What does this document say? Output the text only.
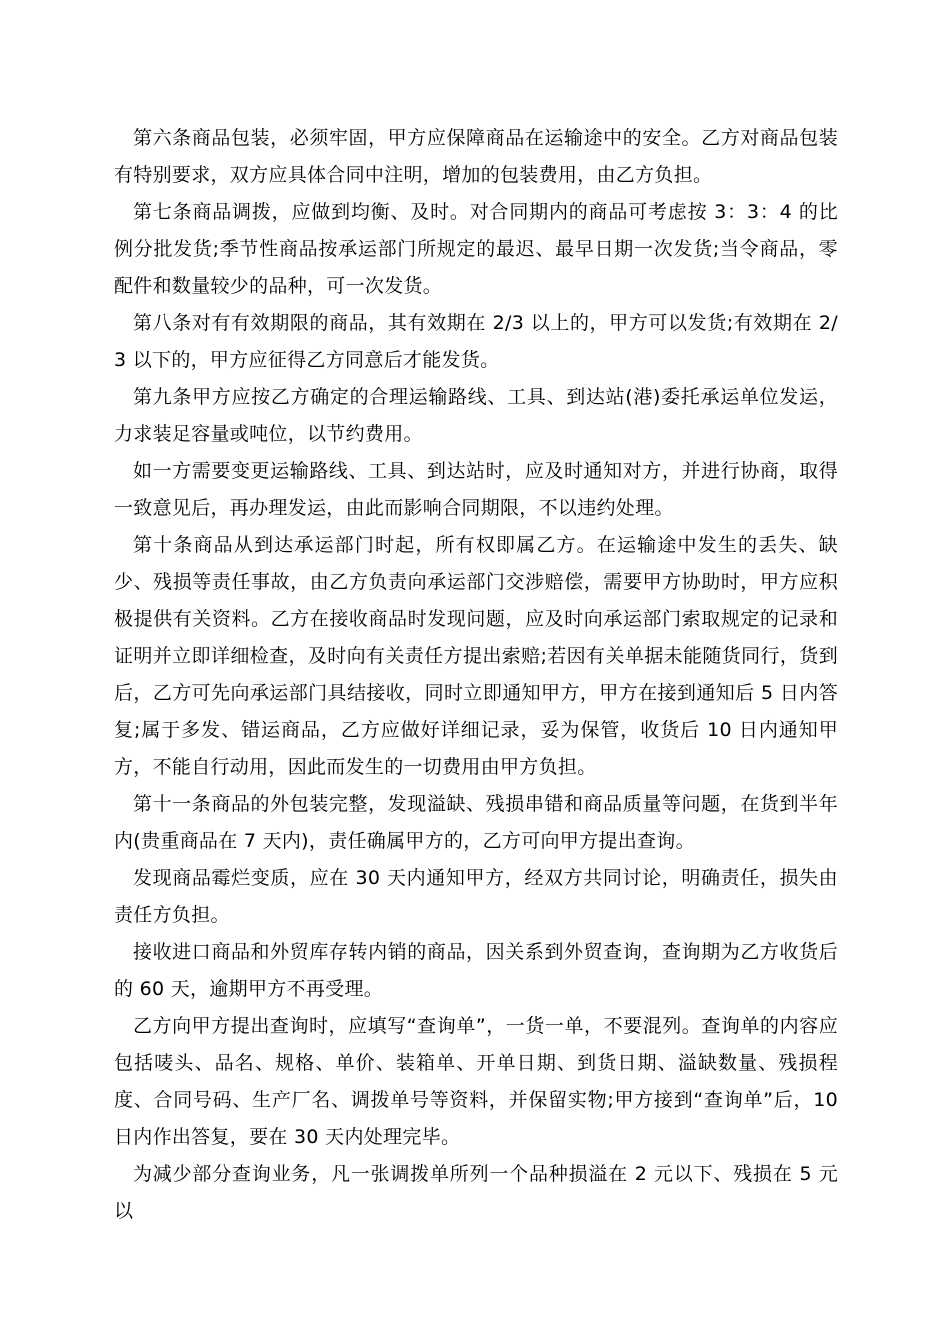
第六条商品包装，必须牢固，甲方应保障商品在运输途中的安全。乙方对商品包装有特别要求，双方应具体合同中注明，增加的包装费用，由乙方负担。

第七条商品调拨，应做到均衡、及时。对合同期内的商品可考虑按 3：3：4 的比例分批发货;季节性商品按承运部门所规定的最迟、最早日期一次发货;当令商品，零配件和数量较少的品种，可一次发货。

第八条对有有效期限的商品，其有效期在 2/3 以上的，甲方可以发货;有效期在 2/3 以下的，甲方应征得乙方同意后才能发货。

第九条甲方应按乙方确定的合理运输路线、工具、到达站(港)委托承运单位发运，力求装足容量或吨位，以节约费用。

如一方需要变更运输路线、工具、到达站时，应及时通知对方，并进行协商，取得一致意见后，再办理发运，由此而影响合同期限，不以违约处理。

第十条商品从到达承运部门时起，所有权即属乙方。在运输途中发生的丢失、缺少、残损等责任事故，由乙方负责向承运部门交涉赔偿，需要甲方协助时，甲方应积极提供有关资料。乙方在接收商品时发现问题，应及时向承运部门索取规定的记录和证明并立即详细检查，及时向有关责任方提出索赔;若因有关单据未能随货同行，货到后，乙方可先向承运部门具结接收，同时立即通知甲方，甲方在接到通知后 5 日内答复;属于多发、错运商品，乙方应做好详细记录，妥为保管，收货后 10 日内通知甲方，不能自行动用，因此而发生的一切费用由甲方负担。

第十一条商品的外包装完整，发现溢缺、残损串错和商品质量等问题，在货到半年内(贵重商品在 7 天内)，责任确属甲方的，乙方可向甲方提出查询。

发现商品霉烂变质，应在 30 天内通知甲方，经双方共同讨论，明确责任，损失由责任方负担。

接收进口商品和外贸库存转内销的商品，因关系到外贸查询，查询期为乙方收货后的 60 天，逾期甲方不再受理。

乙方向甲方提出查询时，应填写“查询单”，一货一单，不要混列。查询单的内容应包括唛头、品名、规格、单价、装箱单、开单日期、到货日期、溢缺数量、残损程度、合同号码、生产厂名、调拨单号等资料，并保留实物;甲方接到“查询单”后，10 日内作出答复，要在 30 天内处理完毕。

为减少部分查询业务，凡一张调拨单所列一个品种损溢在 2 元以下、残损在 5 元以
